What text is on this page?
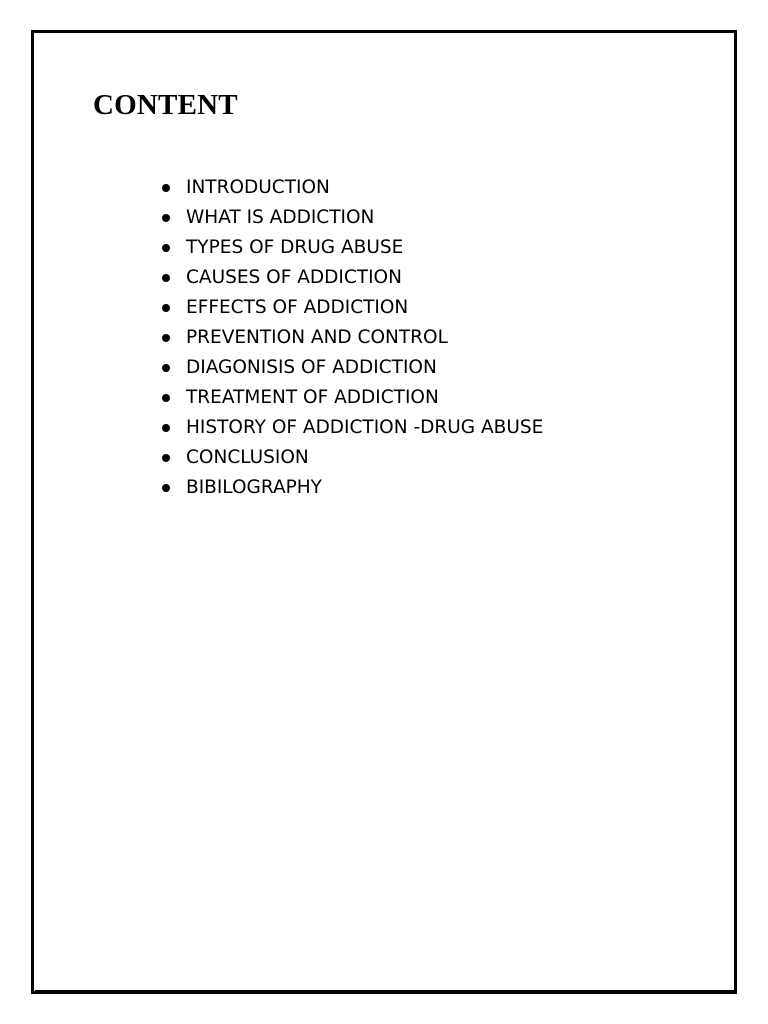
CONTENT
INTRODUCTION
WHAT IS ADDICTION
TYPES OF DRUG ABUSE
CAUSES OF ADDICTION
EFFECTS OF ADDICTION
PREVENTION AND CONTROL
DIAGONISIS OF ADDICTION
TREATMENT OF ADDICTION
HISTORY OF ADDICTION -DRUG ABUSE
CONCLUSION
BIBILOGRAPHY
